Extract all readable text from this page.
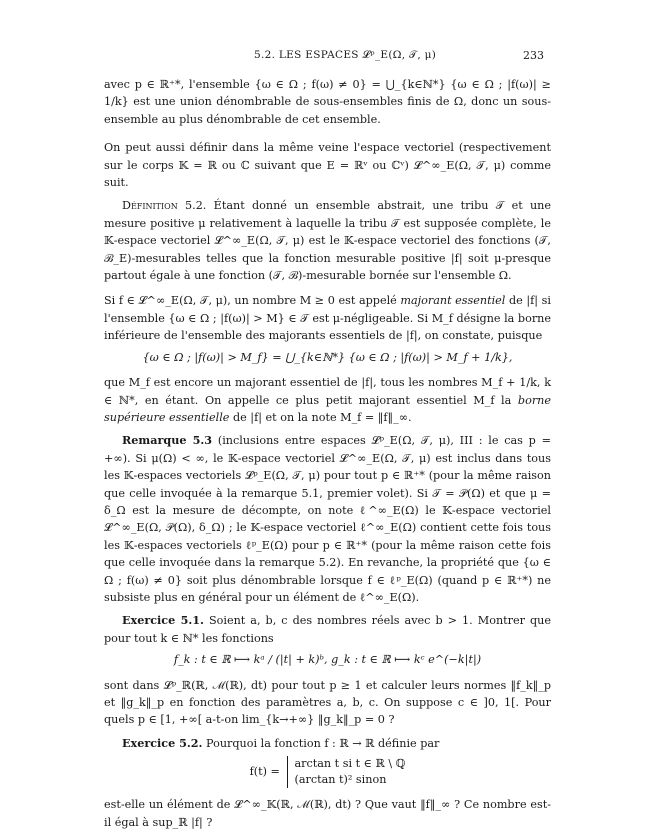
5.2. LES ESPACES 𝓛ᵖ_E(Ω, 𝒯, μ)	233

avec p ∈ ℝ⁺*, l'ensemble {ω ∈ Ω ; f(ω) ≠ 0} = ⋃_{k∈ℕ*} {ω ∈ Ω ; |f(ω)| ≥ 1/k} est une union dénombrable de sous-ensembles finis de Ω, donc un sous-ensemble au plus dénombrable de cet ensemble.

On peut aussi définir dans la même veine l'espace vectoriel (respectivement sur le corps 𝕂 = ℝ ou ℂ suivant que E = ℝᵛ ou ℂᵛ) 𝓛^∞_E(Ω, 𝒯, μ) comme suit.

Définition 5.2. Étant donné un ensemble abstrait, une tribu 𝒯 et une mesure positive μ relativement à laquelle la tribu 𝒯 est supposée complète, le 𝕂-espace vectoriel 𝓛^∞_E(Ω, 𝒯, μ) est le 𝕂-espace vectoriel des fonctions (𝒯, ℬ_E)-mesurables telles que la fonction mesurable positive |f| soit μ-presque partout égale à une fonction (𝒯, ℬ)-mesurable bornée sur l'ensemble Ω.

Si f ∈ 𝓛^∞_E(Ω, 𝒯, μ), un nombre M ≥ 0 est appelé majorant essentiel de |f| si l'ensemble {ω ∈ Ω ; |f(ω)| > M} ∈ 𝒯 est μ-négligeable. Si M_f désigne la borne inférieure de l'ensemble des majorants essentiels de |f|, on constate, puisque

{ω ∈ Ω ; |f(ω)| > M_f} = ⋃_{k∈ℕ*} {ω ∈ Ω ; |f(ω)| > M_f + 1/k},

que M_f est encore un majorant essentiel de |f|, tous les nombres M_f + 1/k, k ∈ ℕ*, en étant. On appelle ce plus petit majorant essentiel M_f la borne supérieure essentielle de |f| et on la note M_f = ‖f‖_∞.

Remarque 5.3 (inclusions entre espaces 𝓛ᵖ_E(Ω, 𝒯, μ), III : le cas p = +∞). Si μ(Ω) < ∞, le 𝕂-espace vectoriel 𝓛^∞_E(Ω, 𝒯, μ) est inclus dans tous les 𝕂-espaces vectoriels 𝓛ᵖ_E(Ω, 𝒯, μ) pour tout p ∈ ℝ⁺* (pour la même raison que celle invoquée à la remarque 5.1, premier volet). Si 𝒯 = 𝒫(Ω) et que μ = δ_Ω est la mesure de décompte, on note ℓ^∞_E(Ω) le 𝕂-espace vectoriel 𝓛^∞_E(Ω, 𝒫(Ω), δ_Ω) ; le 𝕂-espace vectoriel ℓ^∞_E(Ω) contient cette fois tous les 𝕂-espaces vectoriels ℓᵖ_E(Ω) pour p ∈ ℝ⁺* (pour la même raison cette fois que celle invoquée dans la remarque 5.2). En revanche, la propriété que {ω ∈ Ω ; f(ω) ≠ 0} soit plus dénombrable lorsque f ∈ ℓᵖ_E(Ω) (quand p ∈ ℝ⁺*) ne subsiste plus en général pour un élément de ℓ^∞_E(Ω).

Exercice 5.1. Soient a, b, c des nombres réels avec b > 1. Montrer que pour tout k ∈ ℕ* les fonctions

f_k : t ∈ ℝ ⟼ kᵃ / (|t| + k)ᵇ, g_k : t ∈ ℝ ⟼ kᶜ e^(−k|t|)

sont dans 𝓛ᵖ_ℝ(ℝ, ℳ(ℝ), dt) pour tout p ≥ 1 et calculer leurs normes ‖f_k‖_p et ‖g_k‖_p en fonction des paramètres a, b, c. On suppose c ∈ ]0, 1[. Pour quels p ∈ [1, +∞[ a-t-on lim_{k→+∞} ‖g_k‖_p = 0 ?

Exercice 5.2. Pourquoi la fonction f : ℝ → ℝ définie par

f(t) = arctan t si t ∈ ℝ \ ℚ
(arctan t)² sinon

est-elle un élément de 𝓛^∞_𝕂(ℝ, ℳ(ℝ), dt) ? Que vaut ‖f‖_∞ ? Ce nombre est-il égal à sup_ℝ |f| ?
